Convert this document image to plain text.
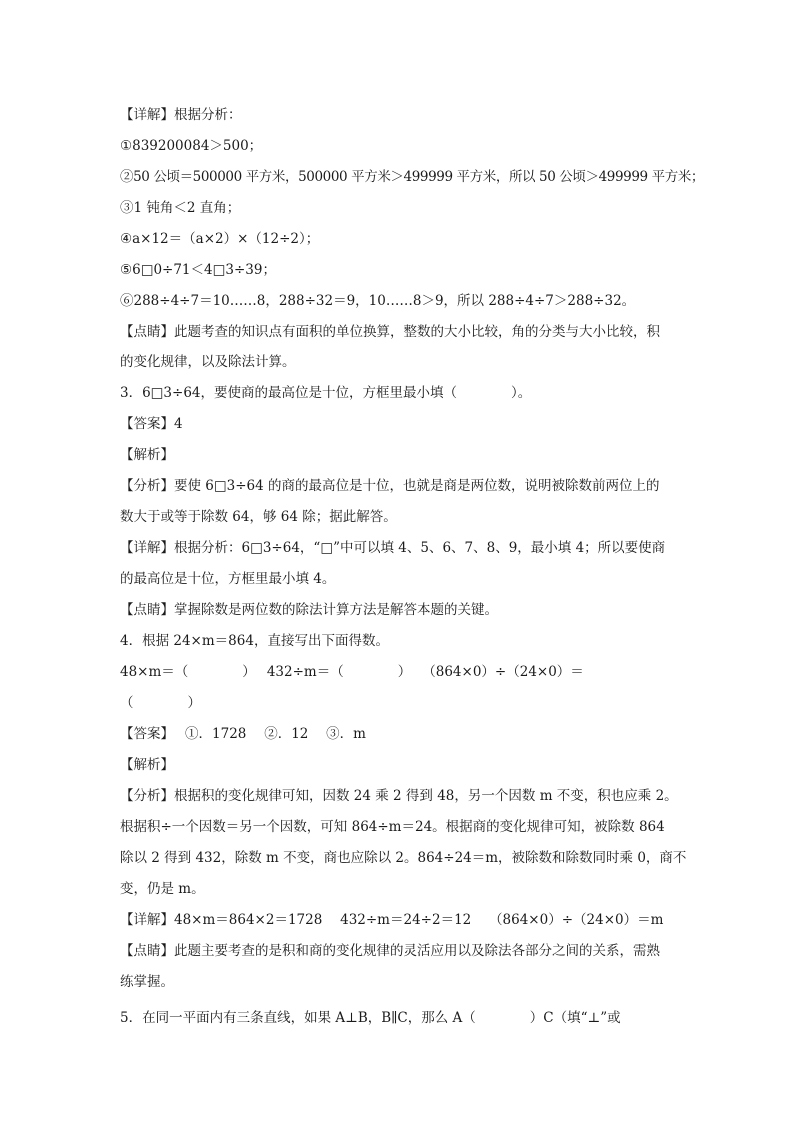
【详解】根据分析：
①839200084＞500；
②50 公顷＝500000 平方米，500000 平方米＞499999 平方米，所以 50 公顷＞499999 平方米；
③1 钝角＜2 直角；
④a×12＝（a×2）×（12÷2）；
⑤6□0÷71＜4□3÷39；
⑥288÷4÷7＝10……8，288÷32＝9，10……8＞9，所以 288÷4÷7＞288÷32。
【点睛】此题考查的知识点有面积的单位换算，整数的大小比较，角的分类与大小比较，积
的变化规律，以及除法计算。
3．6□3÷64，要使商的最高位是十位，方框里最小填（　　　　）。
【答案】4
【解析】
【分析】要使 6□3÷64 的商的最高位是十位，也就是商是两位数，说明被除数前两位上的
数大于或等于除数 64，够 64 除；据此解答。
【详解】根据分析：6□3÷64，“□”中可以填 4、5、6、7、8、9，最小填 4；所以要使商
的最高位是十位，方框里最小填 4。
【点睛】掌握除数是两位数的除法计算方法是解答本题的关键。
4．根据 24×m＝864，直接写出下面得数。
48×m＝（　　　　）　 432÷m＝（　　　　）　 （864×0）÷（24×0）＝
（　　　　）
【答案】　 ①．1728　 ②．12　 ③．m
【解析】
【分析】根据积的变化规律可知，因数 24 乘 2 得到 48，另一个因数 m 不变，积也应乘 2。
根据积÷一个因数＝另一个因数，可知 864÷m＝24。根据商的变化规律可知，被除数 864
除以 2 得到 432，除数 m 不变，商也应除以 2。864÷24＝m，被除数和除数同时乘 0，商不
变，仍是 m。
【详解】48×m＝864×2＝1728　 432÷m＝24÷2＝12　 （864×0）÷（24×0）＝m
【点睛】此题主要考查的是积和商的变化规律的灵活应用以及除法各部分之间的关系，需熟
练掌握。
5．在同一平面内有三条直线，如果 A⊥B，B∥C，那么 A（　　　　）C（填“⊥”或
